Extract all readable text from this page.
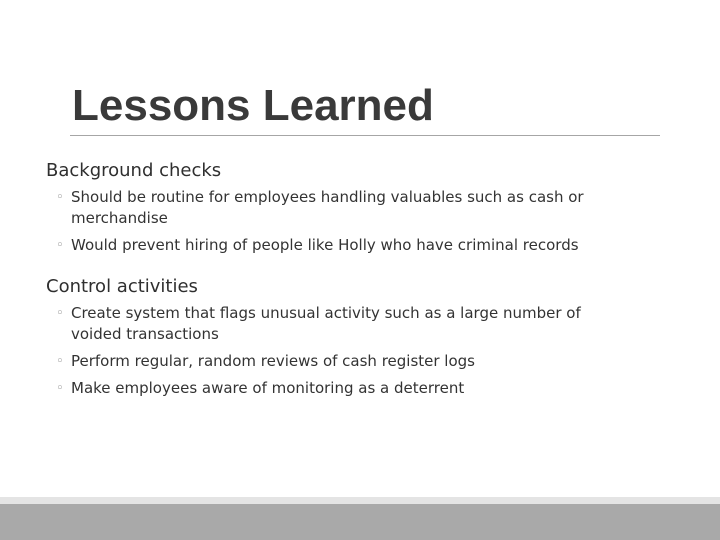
Lessons Learned
Background checks
◦ Should be routine for employees handling valuables such as cash or merchandise
◦ Would prevent hiring of people like Holly who have criminal records
Control activities
◦ Create system that flags unusual activity such as a large number of voided transactions
◦ Perform regular, random reviews of cash register logs
◦ Make employees aware of monitoring as a deterrent
